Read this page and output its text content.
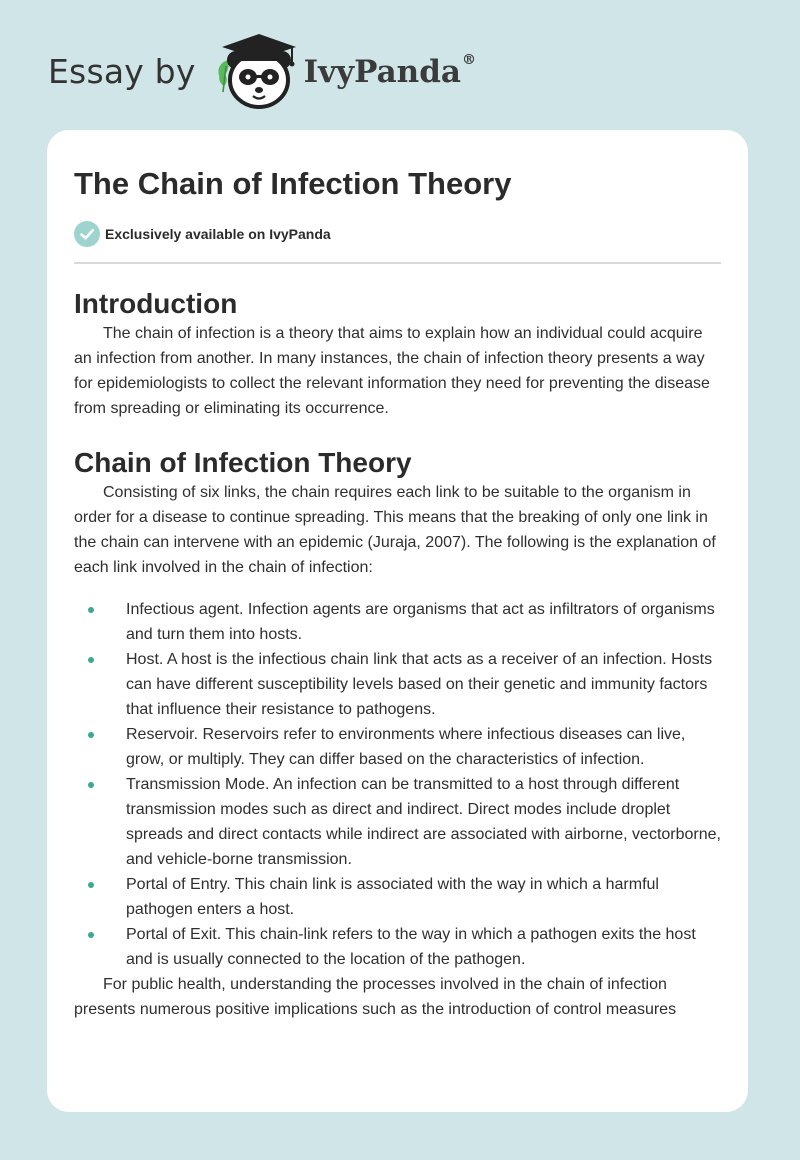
Essay by	IvyPanda®
The Chain of Infection Theory
Exclusively available on IvyPanda
Introduction

The chain of infection is a theory that aims to explain how an individual could acquire an infection from another. In many instances, the chain of infection theory presents a way for epidemiologists to collect the relevant information they need for preventing the disease from spreading or eliminating its occurrence.

Chain of Infection Theory

Consisting of six links, the chain requires each link to be suitable to the organism in order for a disease to continue spreading. This means that the breaking of only one link in the chain can intervene with an epidemic (Juraja, 2007). The following is the explanation of each link involved in the chain of infection:

Infectious agent. Infection agents are organisms that act as infiltrators of organisms and turn them into hosts.
Host. A host is the infectious chain link that acts as a receiver of an infection. Hosts can have different susceptibility levels based on their genetic and immunity factors that influence their resistance to pathogens.
Reservoir. Reservoirs refer to environments where infectious diseases can live, grow, or multiply. They can differ based on the characteristics of infection.
Transmission Mode. An infection can be transmitted to a host through different transmission modes such as direct and indirect. Direct modes include droplet spreads and direct contacts while indirect are associated with airborne, vectorborne, and vehicle-borne transmission.
Portal of Entry. This chain link is associated with the way in which a harmful pathogen enters a host.
Portal of Exit. This chain-link refers to the way in which a pathogen exits the host and is usually connected to the location of the pathogen.

For public health, understanding the processes involved in the chain of infection presents numerous positive implications such as the introduction of control measures
